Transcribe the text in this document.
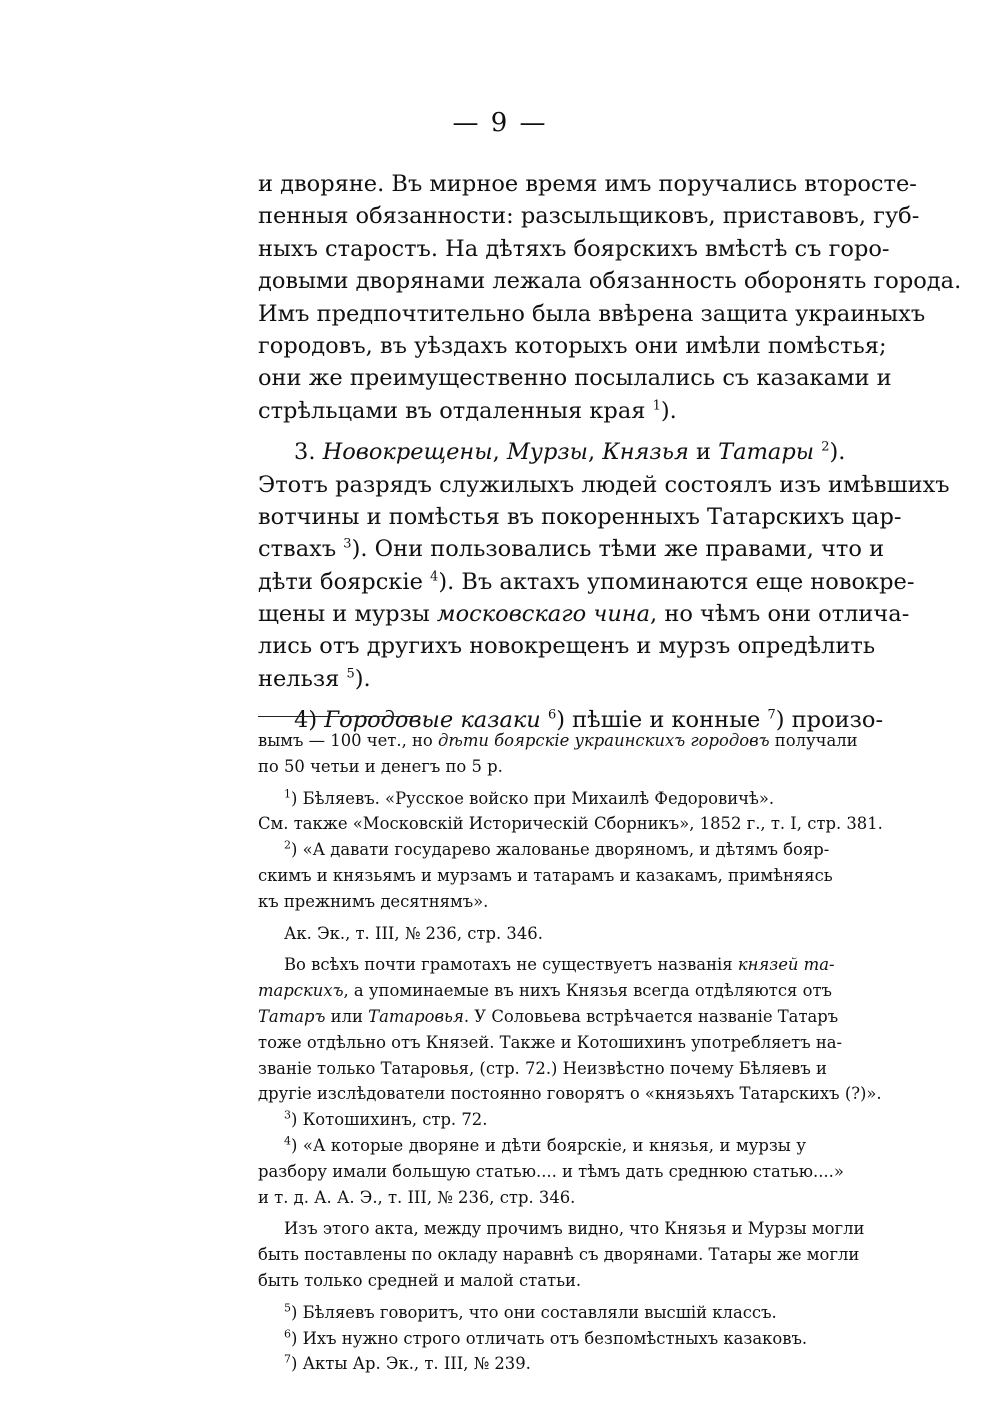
— 9 —
и дворяне. Въ мирное время имъ поручались второсте-
пенныя обязанности: разсыльщиковъ, приставовъ, губ-
ныхъ старостъ. На дѣтяхъ боярскихъ вмѣстѣ съ горо-
довыми дворянами лежала обязанность оборонять города.
Имъ предпочтительно была ввѣрена защита украиныхъ
городовъ, въ уѣздахъ которыхъ они имѣли помѣстья;
они же преимущественно посылались съ казаками и
стрѣльцами въ отдаленныя края $^1$).
3. Новокрещены, Мурзы, Князья и Татары $^2$).
Этотъ разрядъ служилыхъ людей состоялъ изъ имѣвшихъ
вотчины и помѣстья въ покоренныхъ Татарскихъ цар-
ствахъ $^3$). Они пользовались тѣми же правами, что и
дѣти боярскіе $^4$). Въ актахъ упоминаются еще новокре-
щены и мурзы московскаго чина, но чѣмъ они отлича-
лись отъ другихъ новокрещенъ и мурзъ опредѣлить
нельзя $^5$).
4) Городовые казаки $^6$) пѣшіе и конные $^7$) произо-
вымъ — 100 чет., но дѣти боярскіе украинскихъ городовъ получали
по 50 четьи и денегъ по 5 р.
$^1$) Бѣляевъ. «Русское войско при Михаилѣ Федоровичѣ».
См. также «Московскій Историческій Сборникъ», 1852 г., т. I, стр. 381.
$^2$) «А давати государево жалованье дворяномъ, и дѣтямъ бояр-
скимъ и князьямъ и мурзамъ и татарамъ и казакамъ, примѣняясь
къ прежнимъ десятнямъ».
Ак. Эк., т. III, № 236, стр. 346.
Во всѣхъ почти грамотахъ не существуетъ названія князей та-
тарскихъ, а упоминаемые въ нихъ Князья всегда отдѣляются отъ
Татаръ или Татаровья. У Соловьева встрѣчается названіе Татаръ
тоже отдѣльно отъ Князей. Также и Котошихинъ употребляетъ на-
званіе только Татаровья, (стр. 72.) Неизвѣстно почему Бѣляевъ и
другіе изслѣдователи постоянно говорятъ о «князьяхъ Татарскихъ (?)».
$^3$) Котошихинъ, стр. 72.
$^4$) «А которые дворяне и дѣти боярскіе, и князья, и мурзы у
разбору имали большую статью.... и тѣмъ дать среднюю статью....»
и т. д. А. А. Э., т. III, № 236, стр. 346.
Изъ этого акта, между прочимъ видно, что Князья и Мурзы могли
быть поставлены по окладу наравнѣ съ дворянами. Татары же могли
быть только средней и малой статьи.
$^5$) Бѣляевъ говоритъ, что они составляли высшій классъ.
$^6$) Ихъ нужно строго отличать отъ безпомѣстныхъ казаковъ.
$^7$) Акты Ар. Эк., т. III, № 239.
